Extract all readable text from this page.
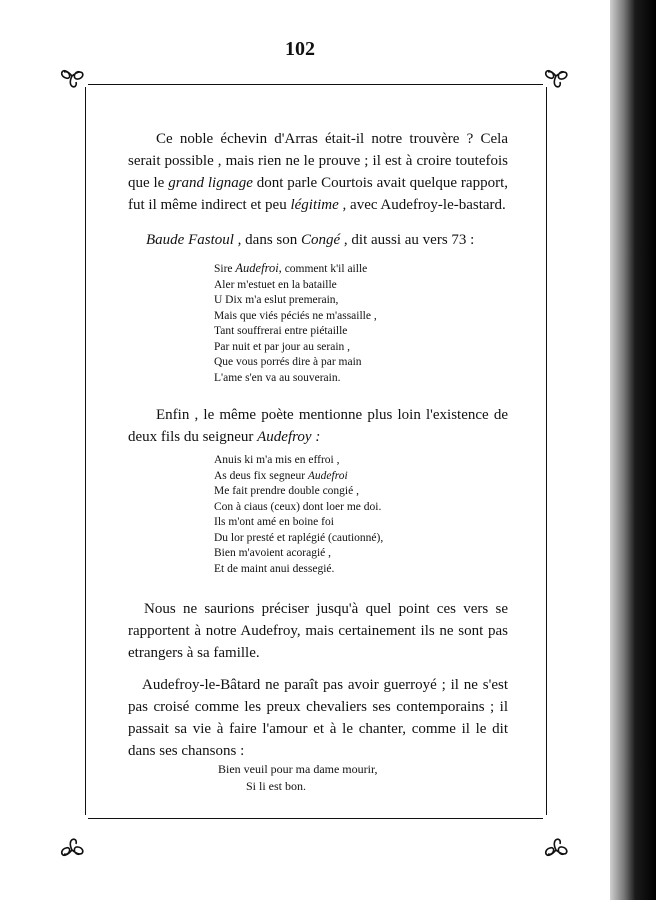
102
Ce noble échevin d'Arras était-il notre trouvère ? Cela serait possible , mais rien ne le prouve ; il est à croire toutefois que le grand lignage dont parle Courtois avait quelque rapport, fut il même indirect et peu légitime , avec Audefroy-le-bastard.
Baude Fastoul , dans son Congé , dit aussi au vers 73 :
Sire Audefroi, comment k'il aille
Aler m'estuet en la bataille
U Dix m'a eslut premerain,
Mais que viés péciés ne m'assaille ,
Tant souffrerai entre piétaille
Par nuit et par jour au serain ,
Que vous porrés dire à par main
L'ame s'en va au souverain.
Enfin , le même poète mentionne plus loin l'existence de deux fils du seigneur Audefroy :
Anuis ki m'a mis en effroi ,
As deus fix segneur Audefroi
Me fait prendre double congié ,
Con à ciaus (ceux) dont loer me doi.
Ils m'ont amé en boine foi
Du lor presté et raplégié (cautionné),
Bien m'avoient acoragié ,
Et de maint anui dessegié.
Nous ne saurions préciser jusqu'à quel point ces vers se rapportent à notre Audefroy, mais certainement ils ne sont pas etrangers à sa famille.
Audefroy-le-Bâtard ne paraît pas avoir guerroyé ; il ne s'est pas croisé comme les preux chevaliers ses contemporains ; il passait sa vie à faire l'amour et à le chanter, comme il le dit dans ses chansons :
Bien veuil pour ma dame mourir,
Si li est bon.
